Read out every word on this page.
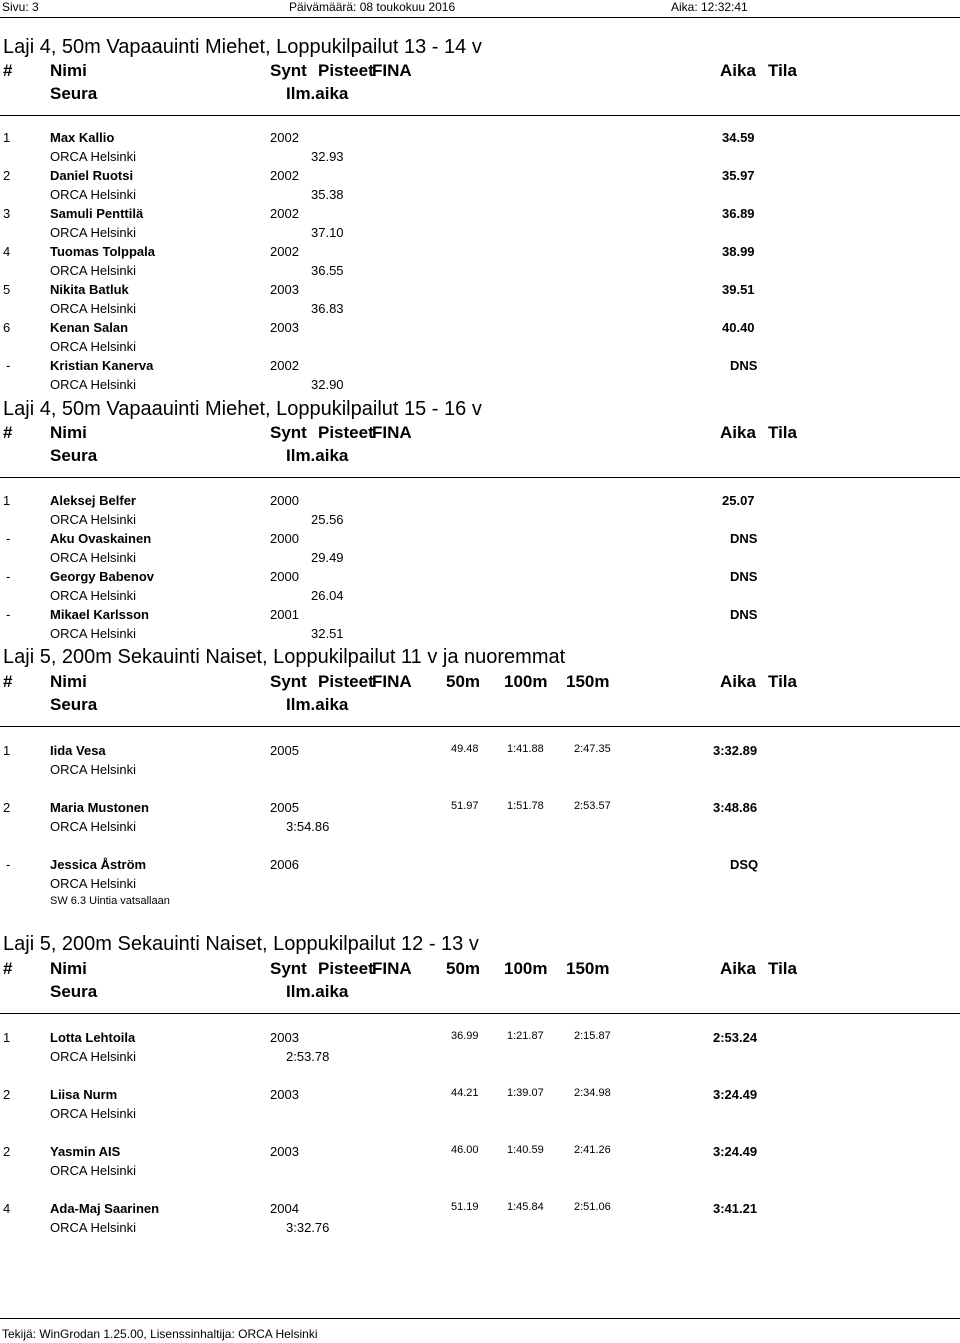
Sivu: 3	Päivämäärä: 08 toukokuu 2016	Aika: 12:32:41
Laji 4, 50m Vapaauinti Miehet, Loppukilpailut 13 - 14 v
# Nimi	Synt Pisteet
FINA	Aika Tila
Seura	Ilm.aika
1	Max Kallio	2002	34.59
ORCA Helsinki	32.93
2	Daniel Ruotsi	2002	35.97
ORCA Helsinki	35.38
3	Samuli Penttilä	2002	36.89
ORCA Helsinki	37.10
4	Tuomas Tolppala	2002	38.99
ORCA Helsinki	36.55
5	Nikita Batluk	2003	39.51
ORCA Helsinki	36.83
6	Kenan Salan	2003	40.40
ORCA Helsinki
-	Kristian Kanerva	2002	DNS
ORCA Helsinki	32.90
Laji 4, 50m Vapaauinti Miehet, Loppukilpailut 15 - 16 v
# Nimi	Synt Pisteet
FINA	Aika Tila
Seura	Ilm.aika
1	Aleksej Belfer	2000	25.07
ORCA Helsinki	25.56
-	Aku Ovaskainen	2000	DNS
ORCA Helsinki	29.49
-	Georgy Babenov	2000	DNS
ORCA Helsinki	26.04
-	Mikael Karlsson	2001	DNS
ORCA Helsinki	32.51
Laji 5, 200m Sekauinti Naiset, Loppukilpailut 11 v ja nuoremmat
# Nimi	Synt Pisteet
FINA 50m 100m 150m	Aika Tila
Seura	Ilm.aika
1	Iida Vesa	2005	49.48	1:41.88	2:47.35	3:32.89
ORCA Helsinki
2	Maria Mustonen	2005	51.97	1:51.78	2:53.57	3:48.86
ORCA Helsinki	3:54.86
-	Jessica Åström	2006	DSQ
ORCA Helsinki
SW 6.3 Uintia vatsallaan
Laji 5, 200m Sekauinti Naiset, Loppukilpailut 12 - 13 v
# Nimi	Synt Pisteet
FINA 50m 100m 150m	Aika Tila
Seura	Ilm.aika
1	Lotta Lehtoila	2003	36.99	1:21.87	2:15.87	2:53.24
ORCA Helsinki	2:53.78
2	Liisa Nurm	2003	44.21	1:39.07	2:34.98	3:24.49
ORCA Helsinki
2	Yasmin AIS	2003	46.00	1:40.59	2:41.26	3:24.49
ORCA Helsinki
4	Ada-Maj Saarinen	2004	51.19	1:45.84	2:51.06	3:41.21
ORCA Helsinki	3:32.76
Tekijä: WinGrodan 1.25.00, Lisenssinhaltija: ORCA Helsinki
